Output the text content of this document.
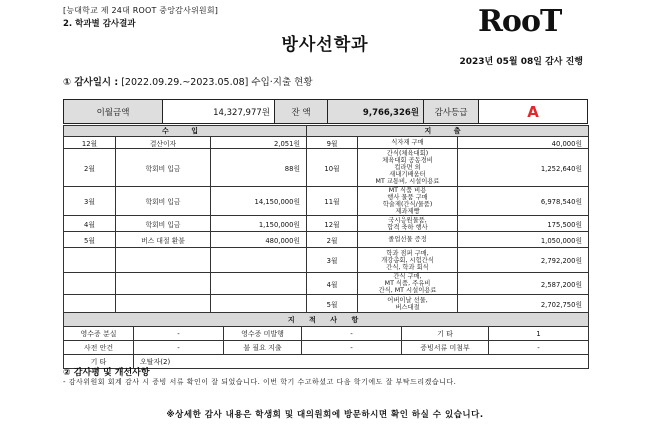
[능대학교 제 24대 ROOT 중앙감사위원회]
2. 학과별 감사결과	RooT
방사선학과
2023년 05월 08일 감사 진행
① 감사일시 : [2022.09.29.~2023.05.08] 수입·지출 현황
이월금액	14,327,977원	잔 액	9,766,326원	감사등급	A
수 입			지 출		
12월	결산이자	2,051원	9월	식자재 구매	40,000원
2월	학회비 입금	88원	10월	간식(체육대회)
체육대회 공동경비
컵라면 외
새내기배움터
MT 교통비, 시설이용료	1,252,640원
3월	학회비 입금	14,150,000원	11월	MT 식품 비용
행사 물품 구매
학술제(간식/물품)
제과제빵	6,978,540원
4월	학회비 입금	1,150,000원	12월	국시응원물품,
합격 축하 행사	175,500원
5월	버스 대절 환불	480,000원	2월	졸업선물 증정	1,050,000원
			3월	학과 점퍼 구매,
개강총회, 시험간식
간식, 학과 회식	2,792,200원
			4월	간식 구매,
MT 식품, 주유비
간식, MT 시설이용료	2,587,200원
			5월	어버이날 선물,
버스대절	2,702,750원

지 적 사 항					
영수증 분실	-	영수증 미발행	-	기 타	1
사전 안건	-	불 필요 지출	-	증빙서류 미첨부	-
기 타	오탈자(2)				
② 감사평 및 개선사항
- 감사위원회 회계 감사 시 증빙 서류 확인이 잘 되었습니다. 이번 학기 수고하셨고 다음 학기에도 잘 부탁드리겠습니다.
※상세한 감사 내용은 학생회 및 대의원회에 방문하시면 확인 하실 수 있습니다.
